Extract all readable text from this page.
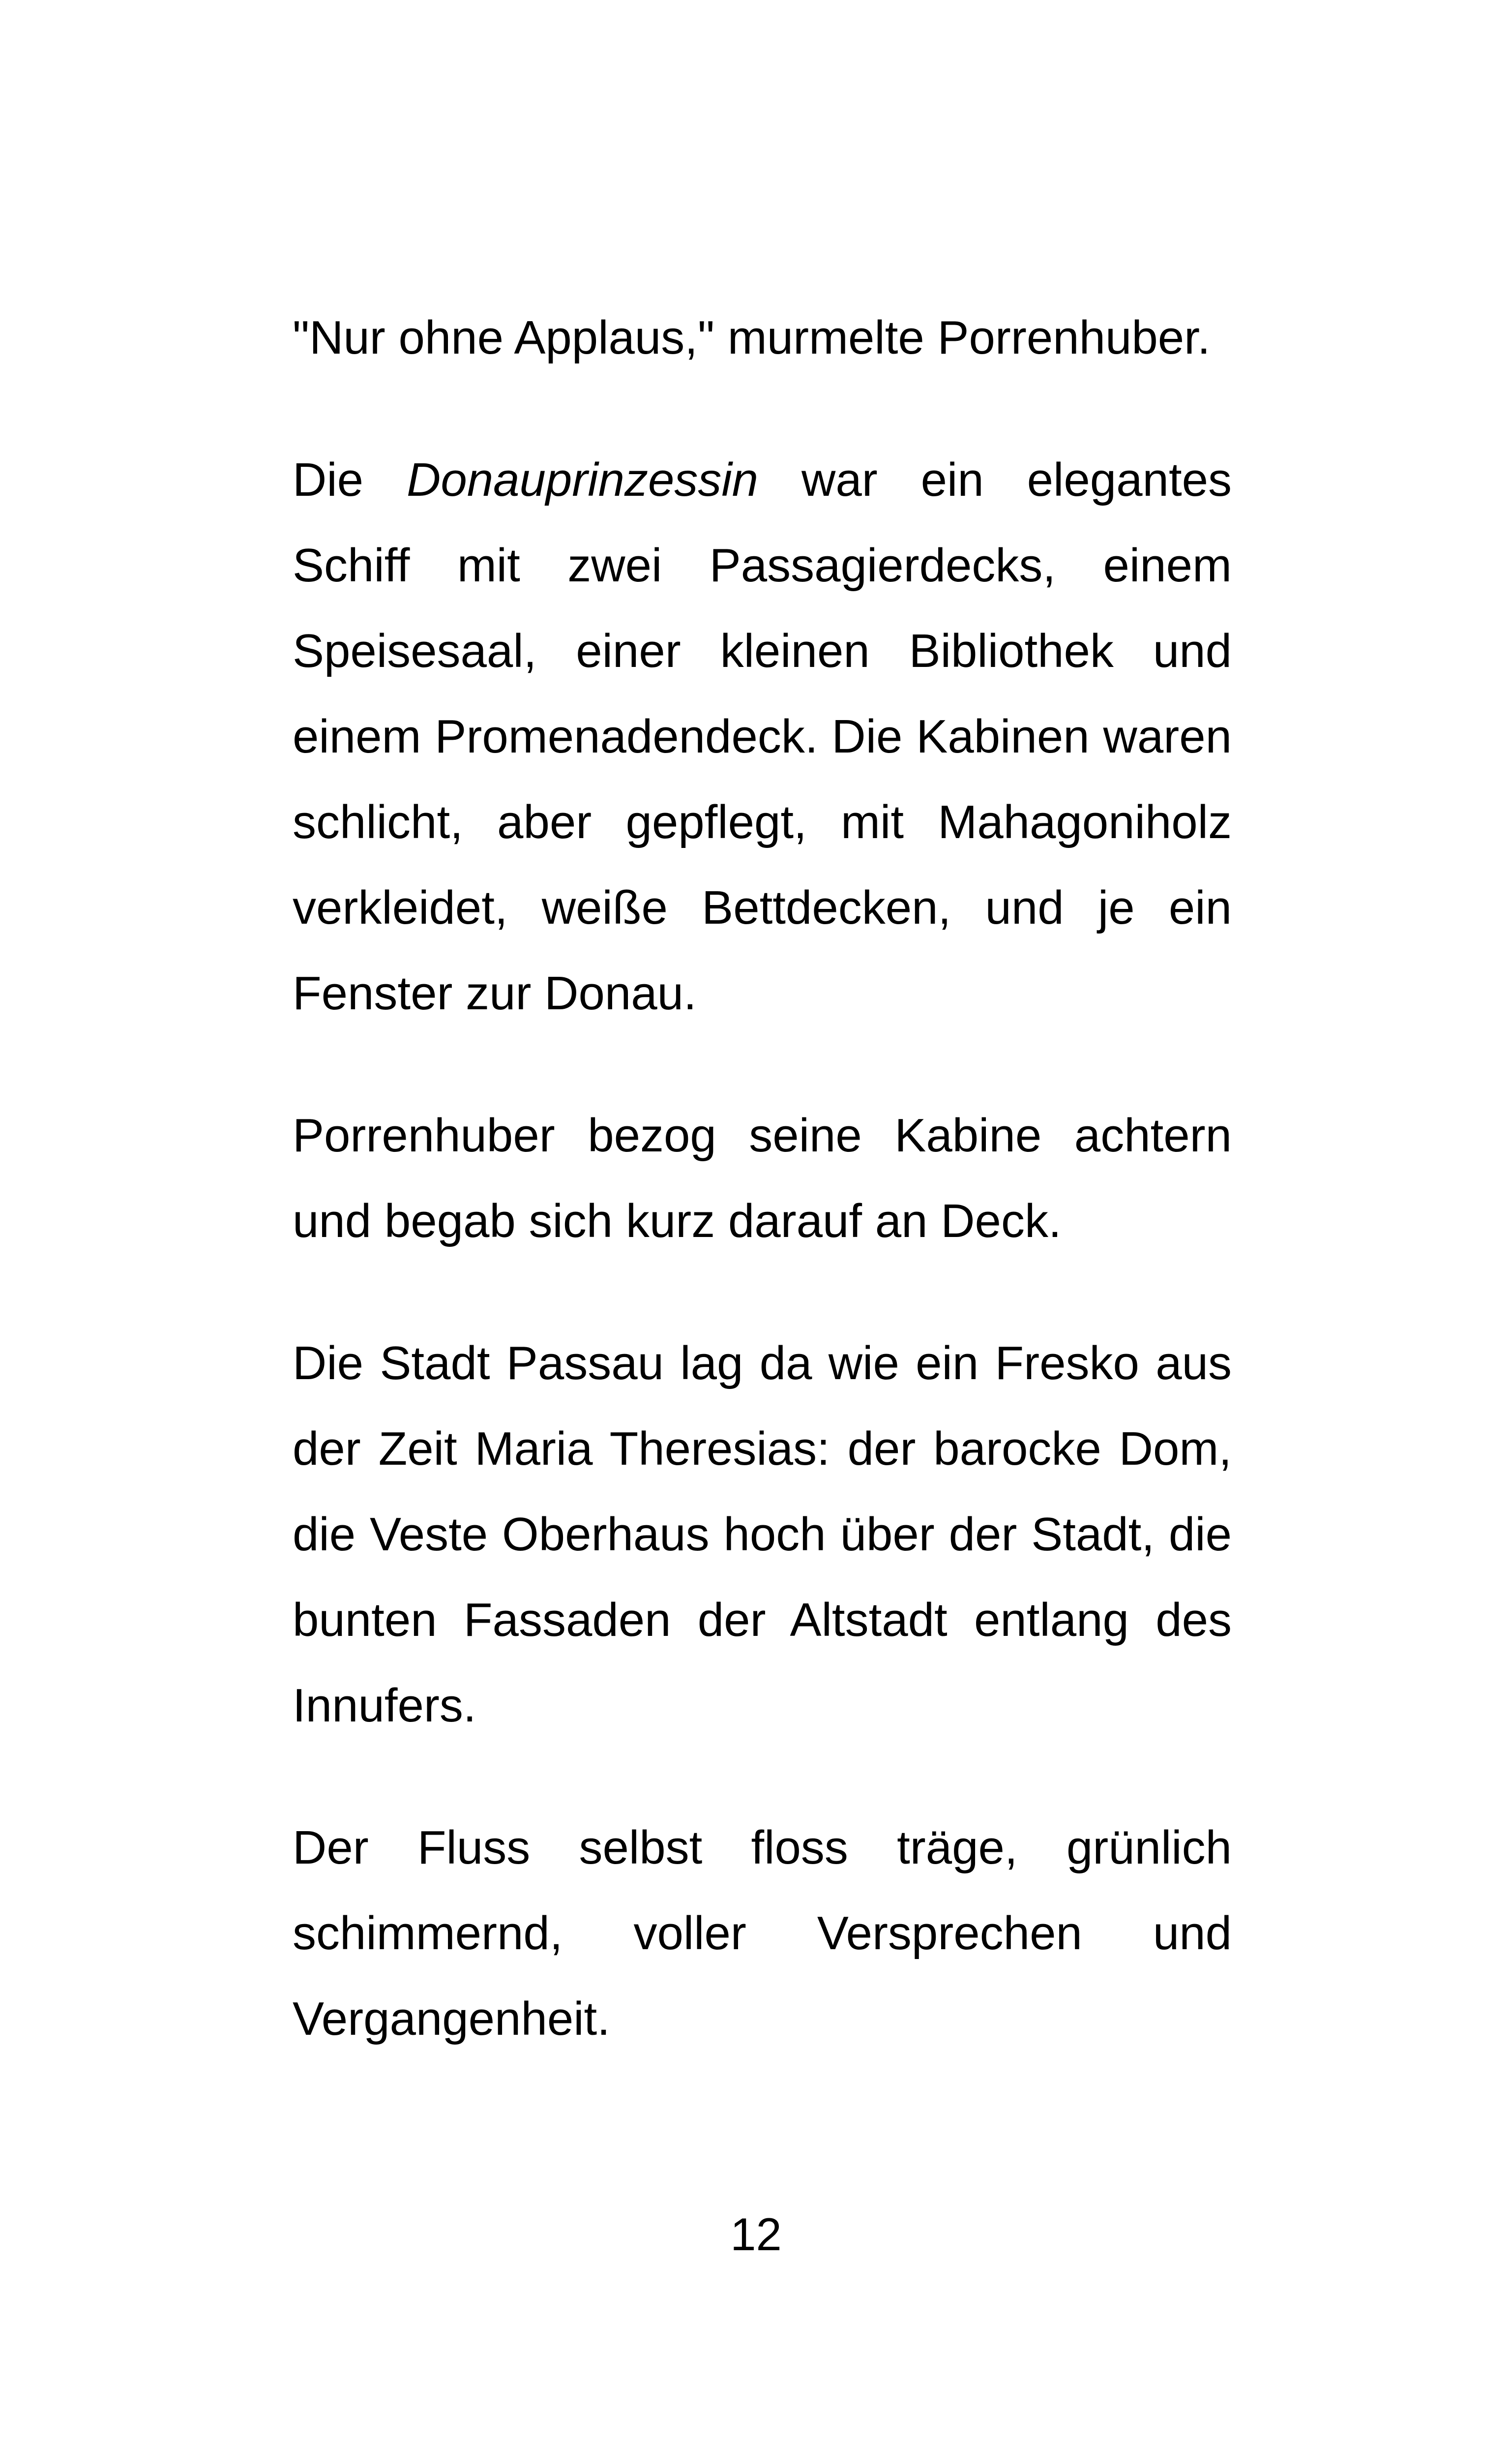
"Nur ohne Applaus," murmelte Porrenhuber.

Die Donauprinzessin war ein elegantes Schiff mit zwei Passagierdecks, einem Speisesaal, einer kleinen Bibliothek und einem Promenadendeck. Die Kabinen waren schlicht, aber gepflegt, mit Mahagoniholz verkleidet, weiße Bettdecken, und je ein Fenster zur Donau.

Porrenhuber bezog seine Kabine achtern und begab sich kurz darauf an Deck.

Die Stadt Passau lag da wie ein Fresko aus der Zeit Maria Theresias: der barocke Dom, die Veste Oberhaus hoch über der Stadt, die bunten Fassaden der Altstadt entlang des Innufers.

Der Fluss selbst floss träge, grünlich schimmernd, voller Versprechen und Vergangenheit.

12
